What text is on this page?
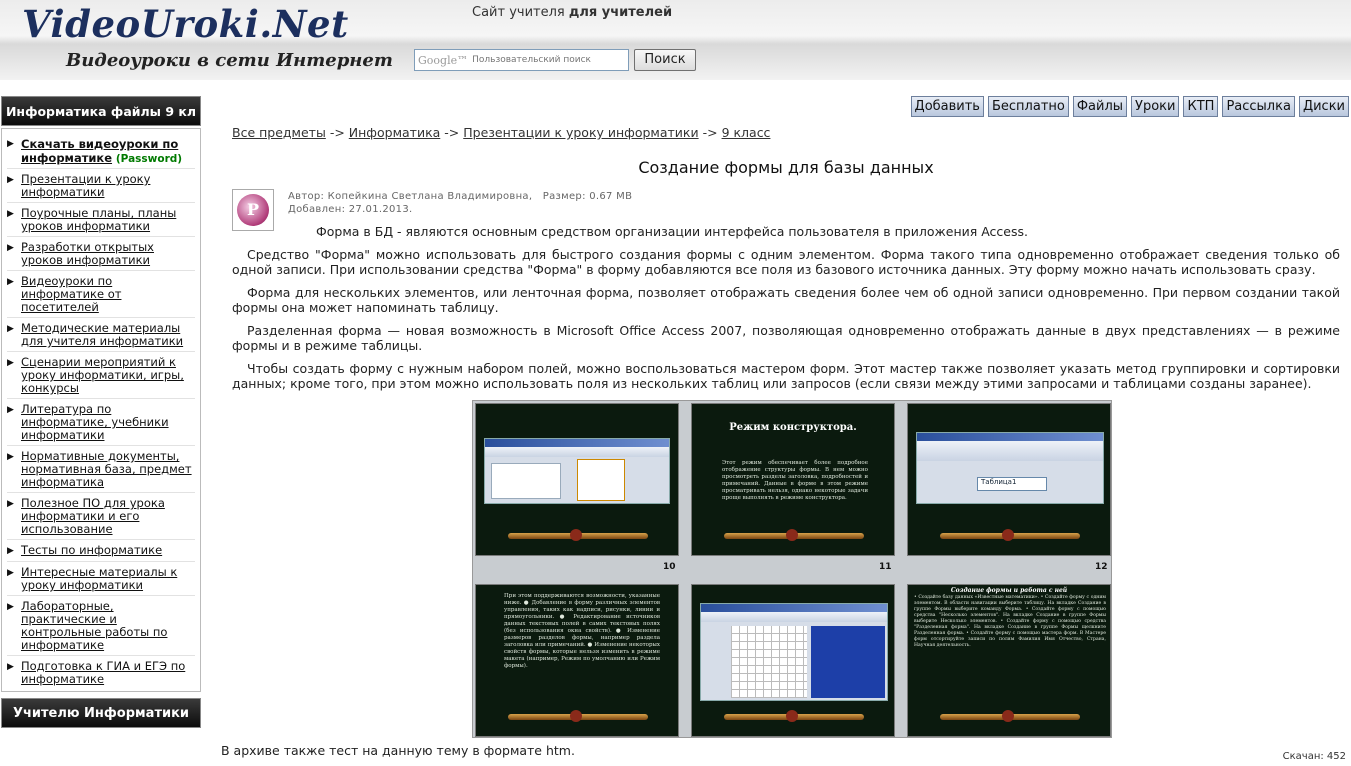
VideoUroki.Net
Видеоуроки в сети Интернет
Сайт учителя для учителей
Google™
Пользовательский поиск	Поиск
Информатика файлы 9 кл
▶ Скачать видеоуроки по информатике (Password)
▶ Презентации к уроку информатики
▶ Поурочные планы, планы уроков информатики
▶ Разработки открытых уроков информатики
▶ Видеоуроки по информатике от посетителей
▶ Методические материалы для учителя информатики
▶ Сценарии мероприятий к уроку информатики, игры, конкурсы
▶ Литература по информатике, учебники информатики
▶ Нормативные документы, нормативная база, предмет информатика
▶ Полезное ПО для урока информатики и его использование
▶ Тесты по информатике
▶ Интересные материалы к уроку информатики
▶ Лабораторные, практические и контрольные работы по информатике
▶ Подготовка к ГИА и ЕГЭ по информатике
Учителю Информатики
Добавить Бесплатно Файлы Уроки КТП Рассылка Диски
Все предметы -> Информатика -> Презентации к уроку информатики -> 9 класс
Создание формы для базы данных
P
Автор: Копейкина Светлана Владимировна, Размер: 0.67 MB
Добавлен: 27.01.2013.

Форма в БД - являются основным средством организации интерфейса пользователя в приложения Access.

Средство "Форма" можно использовать для быстрого создания формы с одним элементом. Форма такого типа одновременно отображает сведения только об одной записи. При использовании средства "Форма" в форму добавляются все поля из базового источника данных. Эту форму можно начать использовать сразу.

Форма для нескольких элементов, или ленточная форма, позволяет отображать сведения более чем об одной записи одновременно. При первом создании такой формы она может напоминать таблицу.

Разделенная форма — новая возможность в Microsoft Office Access 2007, позволяющая одновременно отображать данные в двух представлениях — в режиме формы и в режиме таблицы.

Чтобы создать форму с нужным набором полей, можно воспользоваться мастером форм. Этот мастер также позволяет указать метод группировки и сортировки данных; кроме того, при этом можно использовать поля из нескольких таблиц или запросов (если связи между этими запросами и таблицами созданы заранее).

Режим конструктора.
Этот режим обеспечивает более подробное отображение структуры формы. В нем можно просмотреть разделы заголовка, подробностей и примечаний. Данные в форме в этом режиме просматривать нельзя, однако некоторые задачи проще выполнять в режиме конструктора.
Таблица1
10	11	12
При этом поддерживаются возможности, указанные ниже. ● Добавление в форму различных элементов управления, таких как надписи, рисунки, линии и прямоугольники. ● Редактирование источников данных текстовых полей в самих текстовых полях (без использования окна свойств). ● Изменение размеров разделов формы, например раздела заголовка или примечаний. ● Изменение некоторых свойств формы, которые нельзя изменить в режиме макета (например, Режим по умолчанию или Режим формы).
Создание формы и работа с ней
• Создайте базу данных «Известные математики». • Создайте форму с одним элементом. В области навигации выберите таблицу. На вкладке Создание в группе Формы выберите команду Форма. • Создайте форму с помощью средства "Несколько элементов". На вкладке Создание в группе Формы выберите Несколько элементов. • Создайте форму с помощью средства "Разделенная форма". На вкладке Создание в группе Формы щелкните Разделенная форма. • Создайте форму с помощью мастера форм. В Мастере форм отсортируйте записи по полям Фамилия Имя Отчество, Страна, Научная деятельность.
В архиве также тест на данную тему в формате htm.	Скачан: 452
